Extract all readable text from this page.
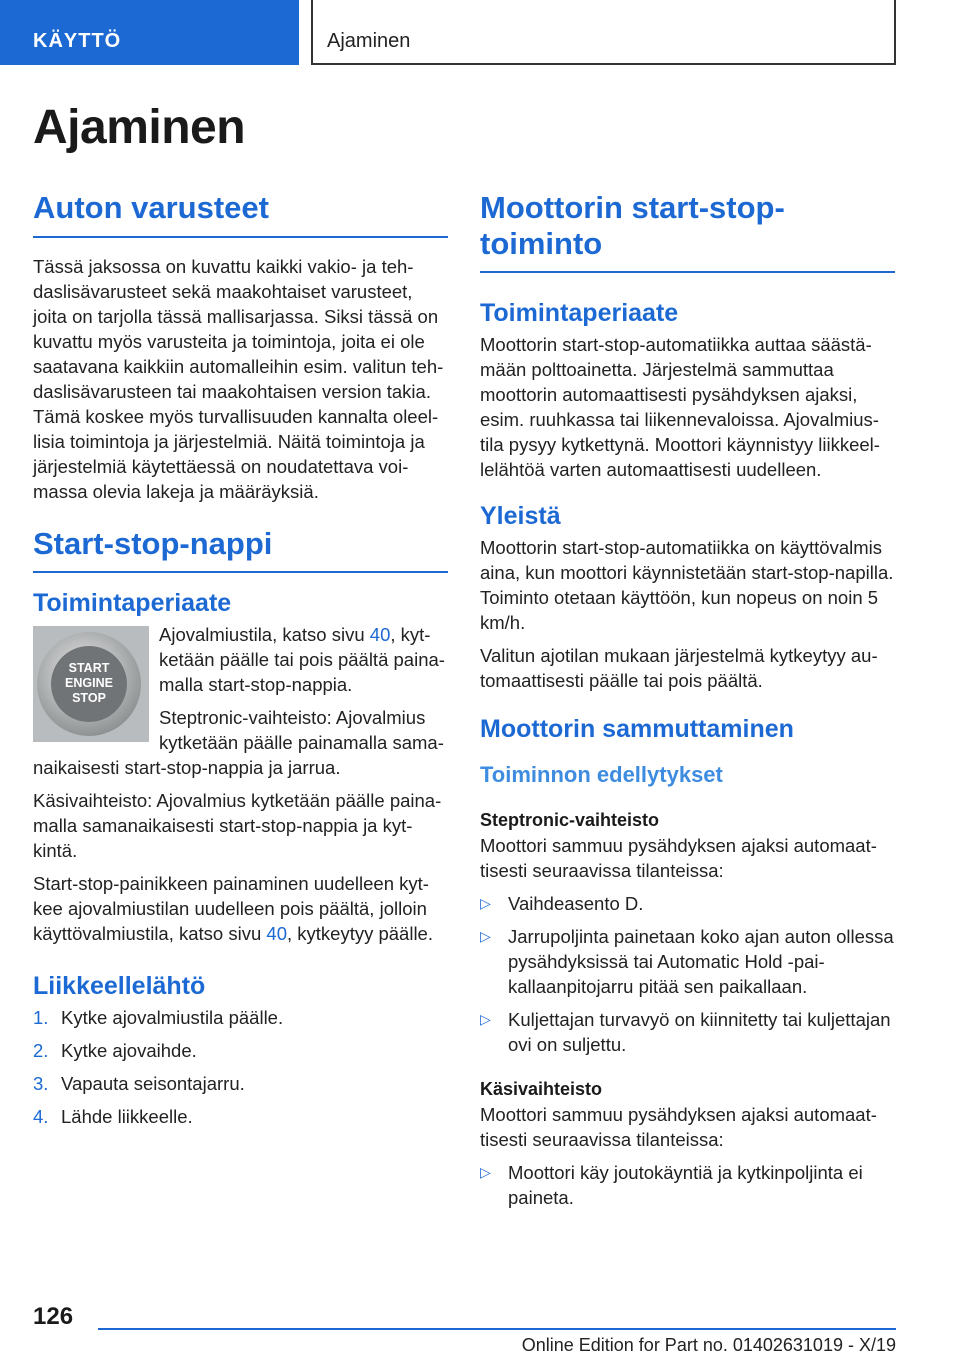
KÄYTTÖ	Ajaminen
Ajaminen
Auton varusteet

Tässä jaksossa on kuvattu kaikki vakio- ja tehdaslisävarusteet sekä maakohtaiset varusteet, joita on tarjolla tässä mallisarjassa. Siksi tässä on kuvattu myös varusteita ja toimintoja, joita ei ole saatavana kaikkiin automalleihin esim. valitun tehdaslisävarusteen tai maakohtaisen version takia. Tämä koskee myös turvallisuuden kannalta oleellisia toimintoja ja järjestelmiä. Näitä toimintoja ja järjestelmiä käytettäessä on noudatettava voimassa olevia lakeja ja määräyksiä.

Start-stop-nappi
Toimintaperiaate
START
ENGINE
STOP

Ajovalmiustila, katso sivu 40, kytketään päälle tai pois päältä painamalla start-stop-nappia.

Steptronic-vaihteisto: Ajovalmius kytketään päälle painamalla samanaikaisesti start-stop-nappia ja jarrua.

Käsivaihteisto: Ajovalmius kytketään päälle painamalla samanaikaisesti start-stop-nappia ja kytkintä.

Start-stop-painikkeen painaminen uudelleen kytkee ajovalmiustilan uudelleen pois päältä, jolloin käyttövalmiustila, katso sivu 40, kytkeytyy päälle.

Liikkeellelähtö
1. Kytke ajovalmiustila päälle.
2. Kytke ajovaihde.
3. Vapauta seisontajarru.
4. Lähde liikkeelle.
Moottorin start-stop-toiminto
Toimintaperiaate

Moottorin start-stop-automatiikka auttaa säästämään polttoainetta. Järjestelmä sammuttaa moottorin automaattisesti pysähdyksen ajaksi, esim. ruuhkassa tai liikennevaloissa. Ajovalmiustila pysyy kytkettynä. Moottori käynnistyy liikkeellelähtöä varten automaattisesti uudelleen.

Yleistä

Moottorin start-stop-automatiikka on käyttövalmis aina, kun moottori käynnistetään start-stop-napilla. Toiminto otetaan käyttöön, kun nopeus on noin 5 km/h.

Valitun ajotilan mukaan järjestelmä kytkeytyy automaattisesti päälle tai pois päältä.

Moottorin sammuttaminen
Toiminnon edellytykset
Steptronic-vaihteisto

Moottori sammuu pysähdyksen ajaksi automaattisesti seuraavissa tilanteissa:

▷ Vaihdeasento D.
▷ Jarrupoljinta painetaan koko ajan auton ollessa pysähdyksissä tai Automatic Hold -paikallaanpitojarru pitää sen paikallaan.
▷ Kuljettajan turvavyö on kiinnitetty tai kuljettajan ovi on suljettu.
Käsivaihteisto

Moottori sammuu pysähdyksen ajaksi automaattisesti seuraavissa tilanteissa:

▷ Moottori käy joutokäyntiä ja kytkinpoljinta ei paineta.
126
Online Edition for Part no. 01402631019 - X/19
